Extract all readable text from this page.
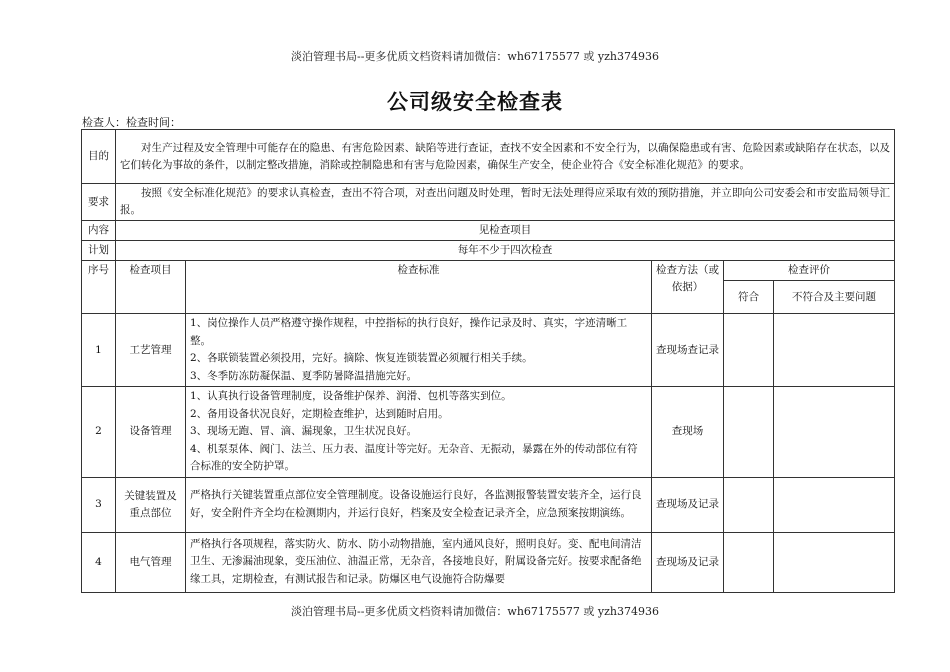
淡泊管理书局--更多优质文档资料请加微信：wh67175577 或 yzh374936
公司级安全检查表
检查人：检查时间：
目的	对生产过程及安全管理中可能存在的隐患、有害危险因素、缺陷等进行查证，查找不安全因素和不安全行为，以确保隐患或有害、危险因素或缺陷存在状态，以及它们转化为事故的条件，以制定整改措施，消除或控制隐患和有害与危险因素，确保生产安全，使企业符合《安全标准化规范》的要求。				
要求	按照《安全标准化规范》的要求认真检查，查出不符合项，对查出问题及时处理，暂时无法处理得应采取有效的预防措施，并立即向公司安委会和市安监局领导汇报。				
内容	见检查项目				
计划	每年不少于四次检查				
序号	检查项目	检查标准	检查方法（或依据）	检查评价	
				符合	不符合及主要问题
1	工艺管理	1、岗位操作人员严格遵守操作规程，中控指标的执行良好，操作记录及时、真实，字迹清晰工整。
2、各联锁装置必须投用，完好。摘除、恢复连锁装置必须履行相关手续。
3、冬季防冻防凝保温、夏季防暑降温措施完好。	查现场查记录		
2	设备管理	1、认真执行设备管理制度，设备维护保养、润滑、包机等落实到位。
2、备用设备状况良好，定期检查维护，达到随时启用。
3、现场无跑、冒、滴、漏现象，卫生状况良好。
4、机泵泵体、阀门、法兰、压力表、温度计等完好。无杂音、无振动，暴露在外的传动部位有符合标准的安全防护罩。	查现场		
3	关键装置及重点部位	严格执行关键装置重点部位安全管理制度。设备设施运行良好，各监测报警装置安装齐全，运行良好，安全附件齐全均在检测期内，并运行良好，档案及安全检查记录齐全，应急预案按期演练。	查现场及记录		
4	电气管理	严格执行各项规程，落实防火、防水、防小动物措施，室内通风良好，照明良好。变、配电间清洁卫生、无渗漏油现象，变压油位、油温正常，无杂音，各接地良好，附属设备完好。按要求配备绝缘工具，定期检查，有测试报告和记录。防爆区电气设施符合防爆要	查现场及记录		
淡泊管理书局--更多优质文档资料请加微信：wh67175577 或 yzh374936
